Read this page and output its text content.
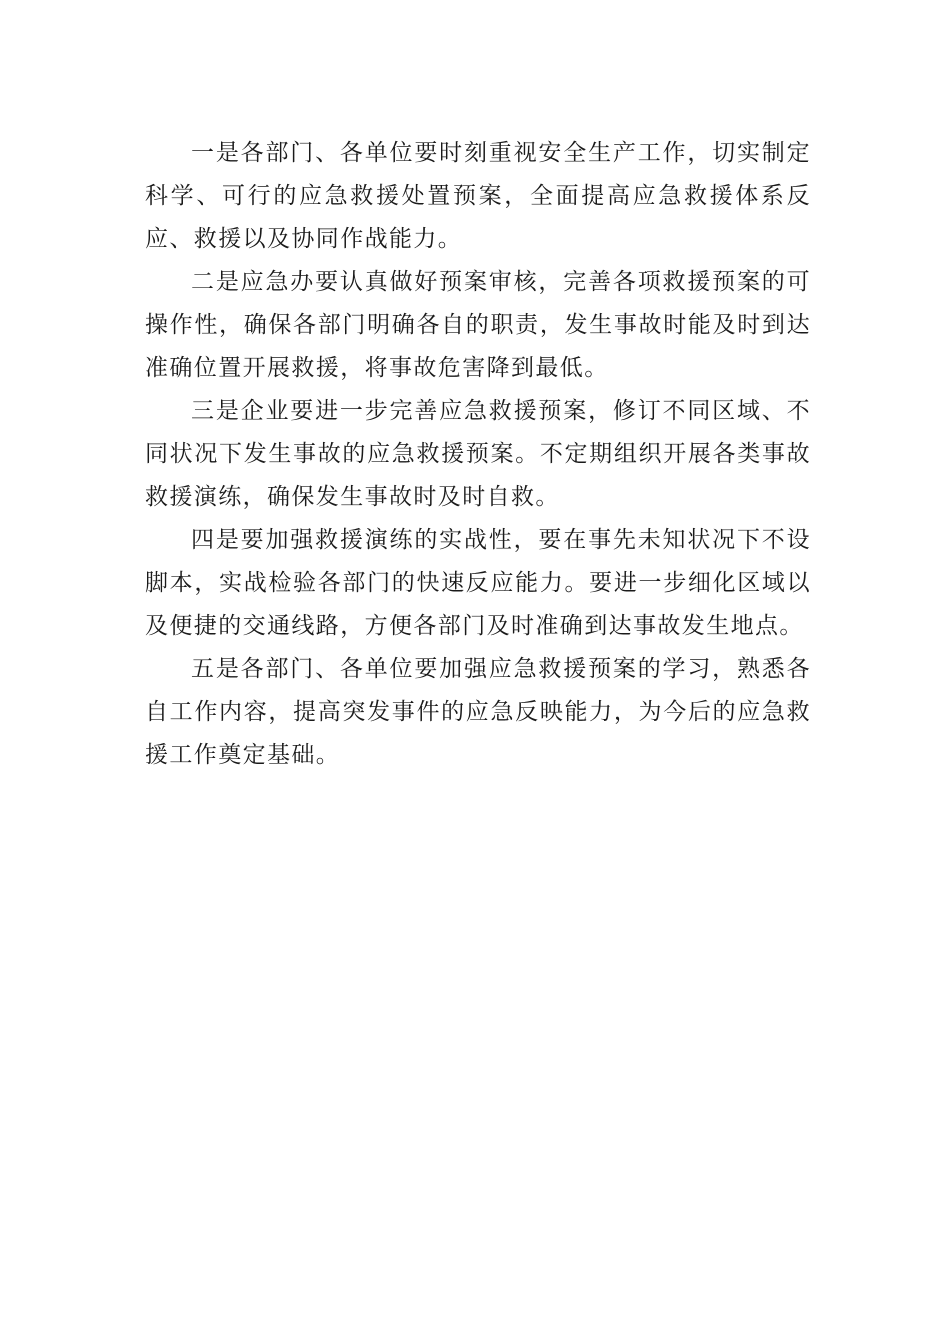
一是各部门、各单位要时刻重视安全生产工作，切实制定科学、可行的应急救援处置预案，全面提高应急救援体系反应、救援以及协同作战能力。

二是应急办要认真做好预案审核，完善各项救援预案的可操作性，确保各部门明确各自的职责，发生事故时能及时到达准确位置开展救援，将事故危害降到最低。

三是企业要进一步完善应急救援预案，修订不同区域、不同状况下发生事故的应急救援预案。不定期组织开展各类事故救援演练，确保发生事故时及时自救。

四是要加强救援演练的实战性，要在事先未知状况下不设脚本，实战检验各部门的快速反应能力。要进一步细化区域以及便捷的交通线路，方便各部门及时准确到达事故发生地点。

五是各部门、各单位要加强应急救援预案的学习，熟悉各自工作内容，提高突发事件的应急反映能力，为今后的应急救援工作奠定基础。
